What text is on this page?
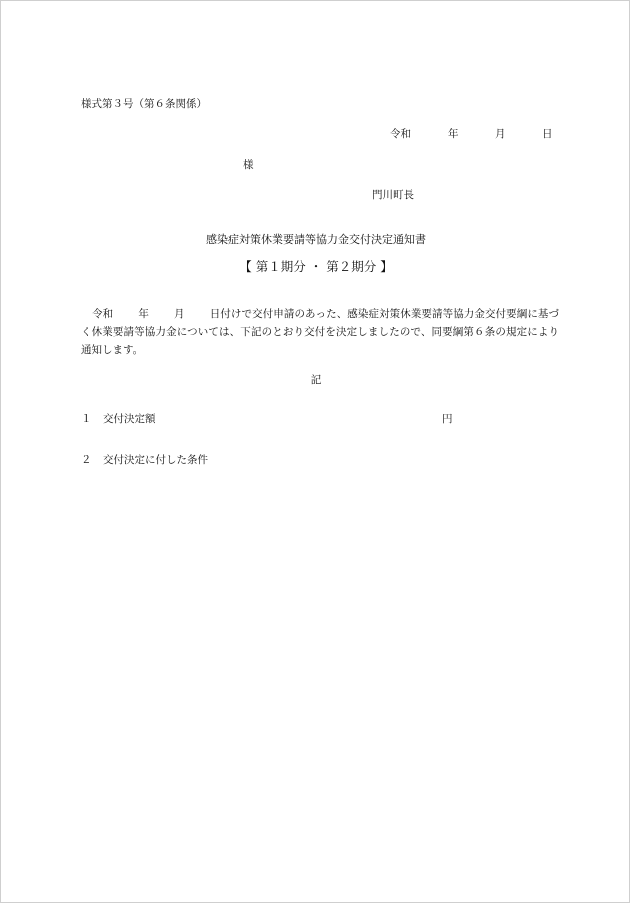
様式第３号（第６条関係）
令和	年	月	日
様
門川町長
感染症対策休業要請等協力金交付決定通知書
【 第１期分 ・ 第２期分 】
令和 年 月 日付けで交付申請のあった、感染症対策休業要請等協力金交付要綱に基づく休業要請等協力金については、下記のとおり交付を決定しましたので、同要綱第６条の規定により通知します。
記
１ 交付決定額	円
２ 交付決定に付した条件
